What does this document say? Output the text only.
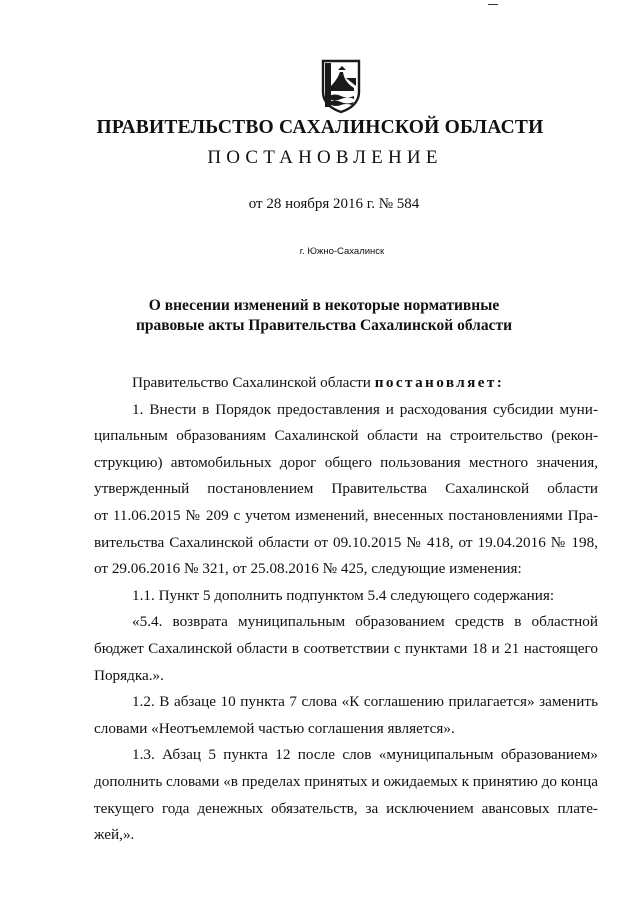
ПРАВИТЕЛЬСТВО САХАЛИНСКОЙ ОБЛАСТИ
ПОСТАНОВЛЕНИЕ
от 28 ноября 2016 г. № 584
г. Южно-Сахалинск
О внесении изменений в некоторые нормативные
правовые акты Правительства Сахалинской области
Правительство Сахалинской области постановляет:
1. Внести в Порядок предоставления и расходования субсидии муни-
ципальным образованиям Сахалинской области на строительство (рекон-
струкцию) автомобильных дорог общего пользования местного значения,
утвержденный постановлением Правительства Сахалинской области
от 11.06.2015 № 209 с учетом изменений, внесенных постановлениями Пра-
вительства Сахалинской области от 09.10.2015 № 418, от 19.04.2016 № 198,
от 29.06.2016 № 321, от 25.08.2016 № 425, следующие изменения:
1.1. Пункт 5 дополнить подпунктом 5.4 следующего содержания:
«5.4. возврата муниципальным образованием средств в областной
бюджет Сахалинской области в соответствии с пунктами 18 и 21 настоящего
Порядка.».
1.2. В абзаце 10 пункта 7 слова «К соглашению прилагается» заменить
словами «Неотъемлемой частью соглашения является».
1.3. Абзац 5 пункта 12 после слов «муниципальным образованием»
дополнить словами «в пределах принятых и ожидаемых к принятию до конца
текущего года денежных обязательств, за исключением авансовых плате-
жей,».
